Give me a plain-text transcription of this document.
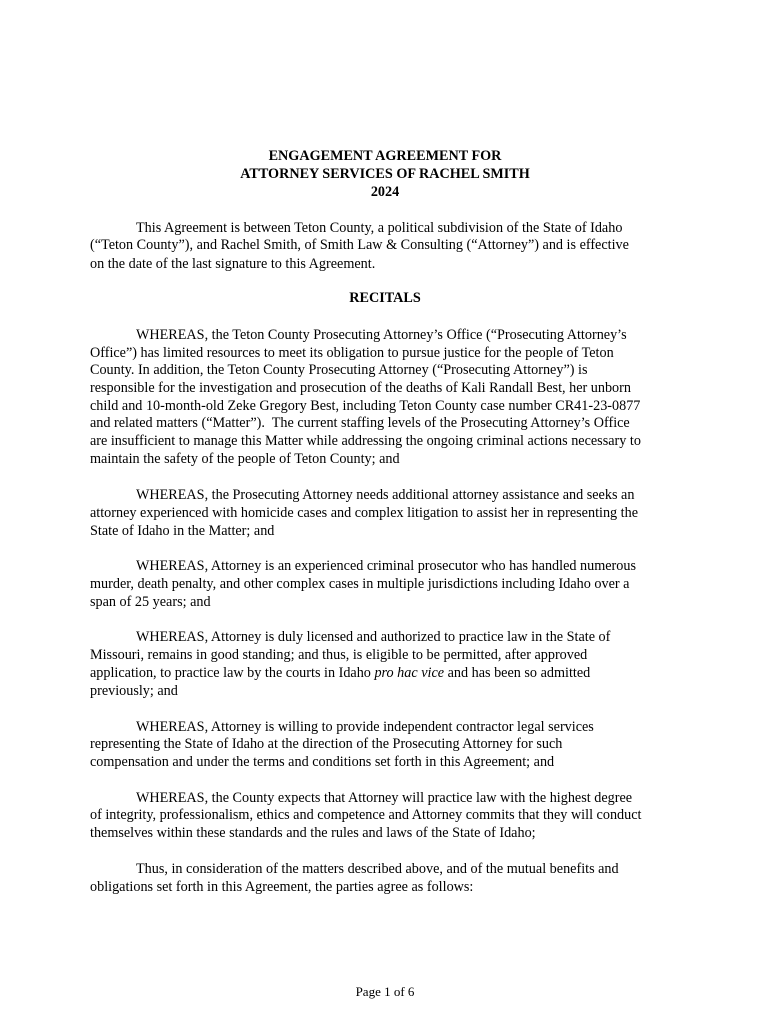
ENGAGEMENT AGREEMENT FOR
ATTORNEY SERVICES OF RACHEL SMITH
2024
This Agreement is between Teton County, a political subdivision of the State of Idaho
(“Teton County”), and Rachel Smith, of Smith Law & Consulting (“Attorney”) and is effective
on the date of the last signature to this Agreement.
RECITALS
WHEREAS, the Teton County Prosecuting Attorney’s Office (“Prosecuting Attorney’s
Office”) has limited resources to meet its obligation to pursue justice for the people of Teton
County. In addition, the Teton County Prosecuting Attorney (“Prosecuting Attorney”) is
responsible for the investigation and prosecution of the deaths of Kali Randall Best, her unborn
child and 10-month-old Zeke Gregory Best, including Teton County case number CR41-23-0877
and related matters (“Matter”).  The current staffing levels of the Prosecuting Attorney’s Office
are insufficient to manage this Matter while addressing the ongoing criminal actions necessary to
maintain the safety of the people of Teton County; and
WHEREAS, the Prosecuting Attorney needs additional attorney assistance and seeks an
attorney experienced with homicide cases and complex litigation to assist her in representing the
State of Idaho in the Matter; and
WHEREAS, Attorney is an experienced criminal prosecutor who has handled numerous
murder, death penalty, and other complex cases in multiple jurisdictions including Idaho over a
span of 25 years; and
WHEREAS, Attorney is duly licensed and authorized to practice law in the State of
Missouri, remains in good standing; and thus, is eligible to be permitted, after approved
application, to practice law by the courts in Idaho pro hac vice and has been so admitted
previously; and
WHEREAS, Attorney is willing to provide independent contractor legal services
representing the State of Idaho at the direction of the Prosecuting Attorney for such
compensation and under the terms and conditions set forth in this Agreement; and
WHEREAS, the County expects that Attorney will practice law with the highest degree
of integrity, professionalism, ethics and competence and Attorney commits that they will conduct
themselves within these standards and the rules and laws of the State of Idaho;
Thus, in consideration of the matters described above, and of the mutual benefits and
obligations set forth in this Agreement, the parties agree as follows:
Page 1 of 6
